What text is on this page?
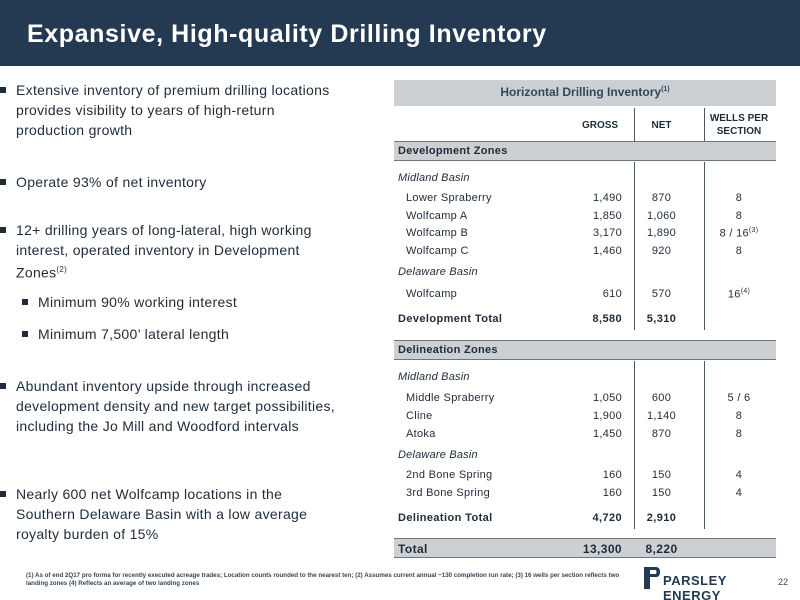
Expansive, High-quality Drilling Inventory
Extensive inventory of premium drilling locations provides visibility to years of high-return production growth
Operate 93% of net inventory
12+ drilling years of long-lateral, high working interest, operated inventory in Development Zones$^{(2)}$
Minimum 90% working interest
Minimum 7,500’ lateral length
Abundant inventory upside through increased development density and new target possibilities, including the Jo Mill and Woodford intervals
Nearly 600 net Wolfcamp locations in the Southern Delaware Basin with a low average royalty burden of 15%
Horizontal Drilling Inventory$^{(1)}$
GROSS	NET
WELLS PER
SECTION
Development Zones
Midland Basin
Lower Spraberry	1,490	870	8
Wolfcamp A	1,850	1,060	8
Wolfcamp B	3,170	1,890	8 / 16$^{(3)}$
Wolfcamp C	1,460	920	8
Delaware Basin
Wolfcamp	610	570	16$^{(4)}$
Development Total	8,580	5,310
Delineation Zones
Midland Basin
Middle Spraberry	1,050	600	5 / 6
Cline	1,900	1,140	8
Atoka	1,450	870	8
Delaware Basin
2nd Bone Spring	160	150	4
3rd Bone Spring	160	150	4
Delineation Total	4,720	2,910
Total	13,300	8,220
(1) As of end 2Q17 pro forma for recently executed acreage trades; Location counts rounded to the nearest ten; (2) Assumes current annual ~130 completion run rate; (3) 16 wells per section reflects two landing zones (4) Reflects an average of two landing zones	PARSLEY ENERGY
22
